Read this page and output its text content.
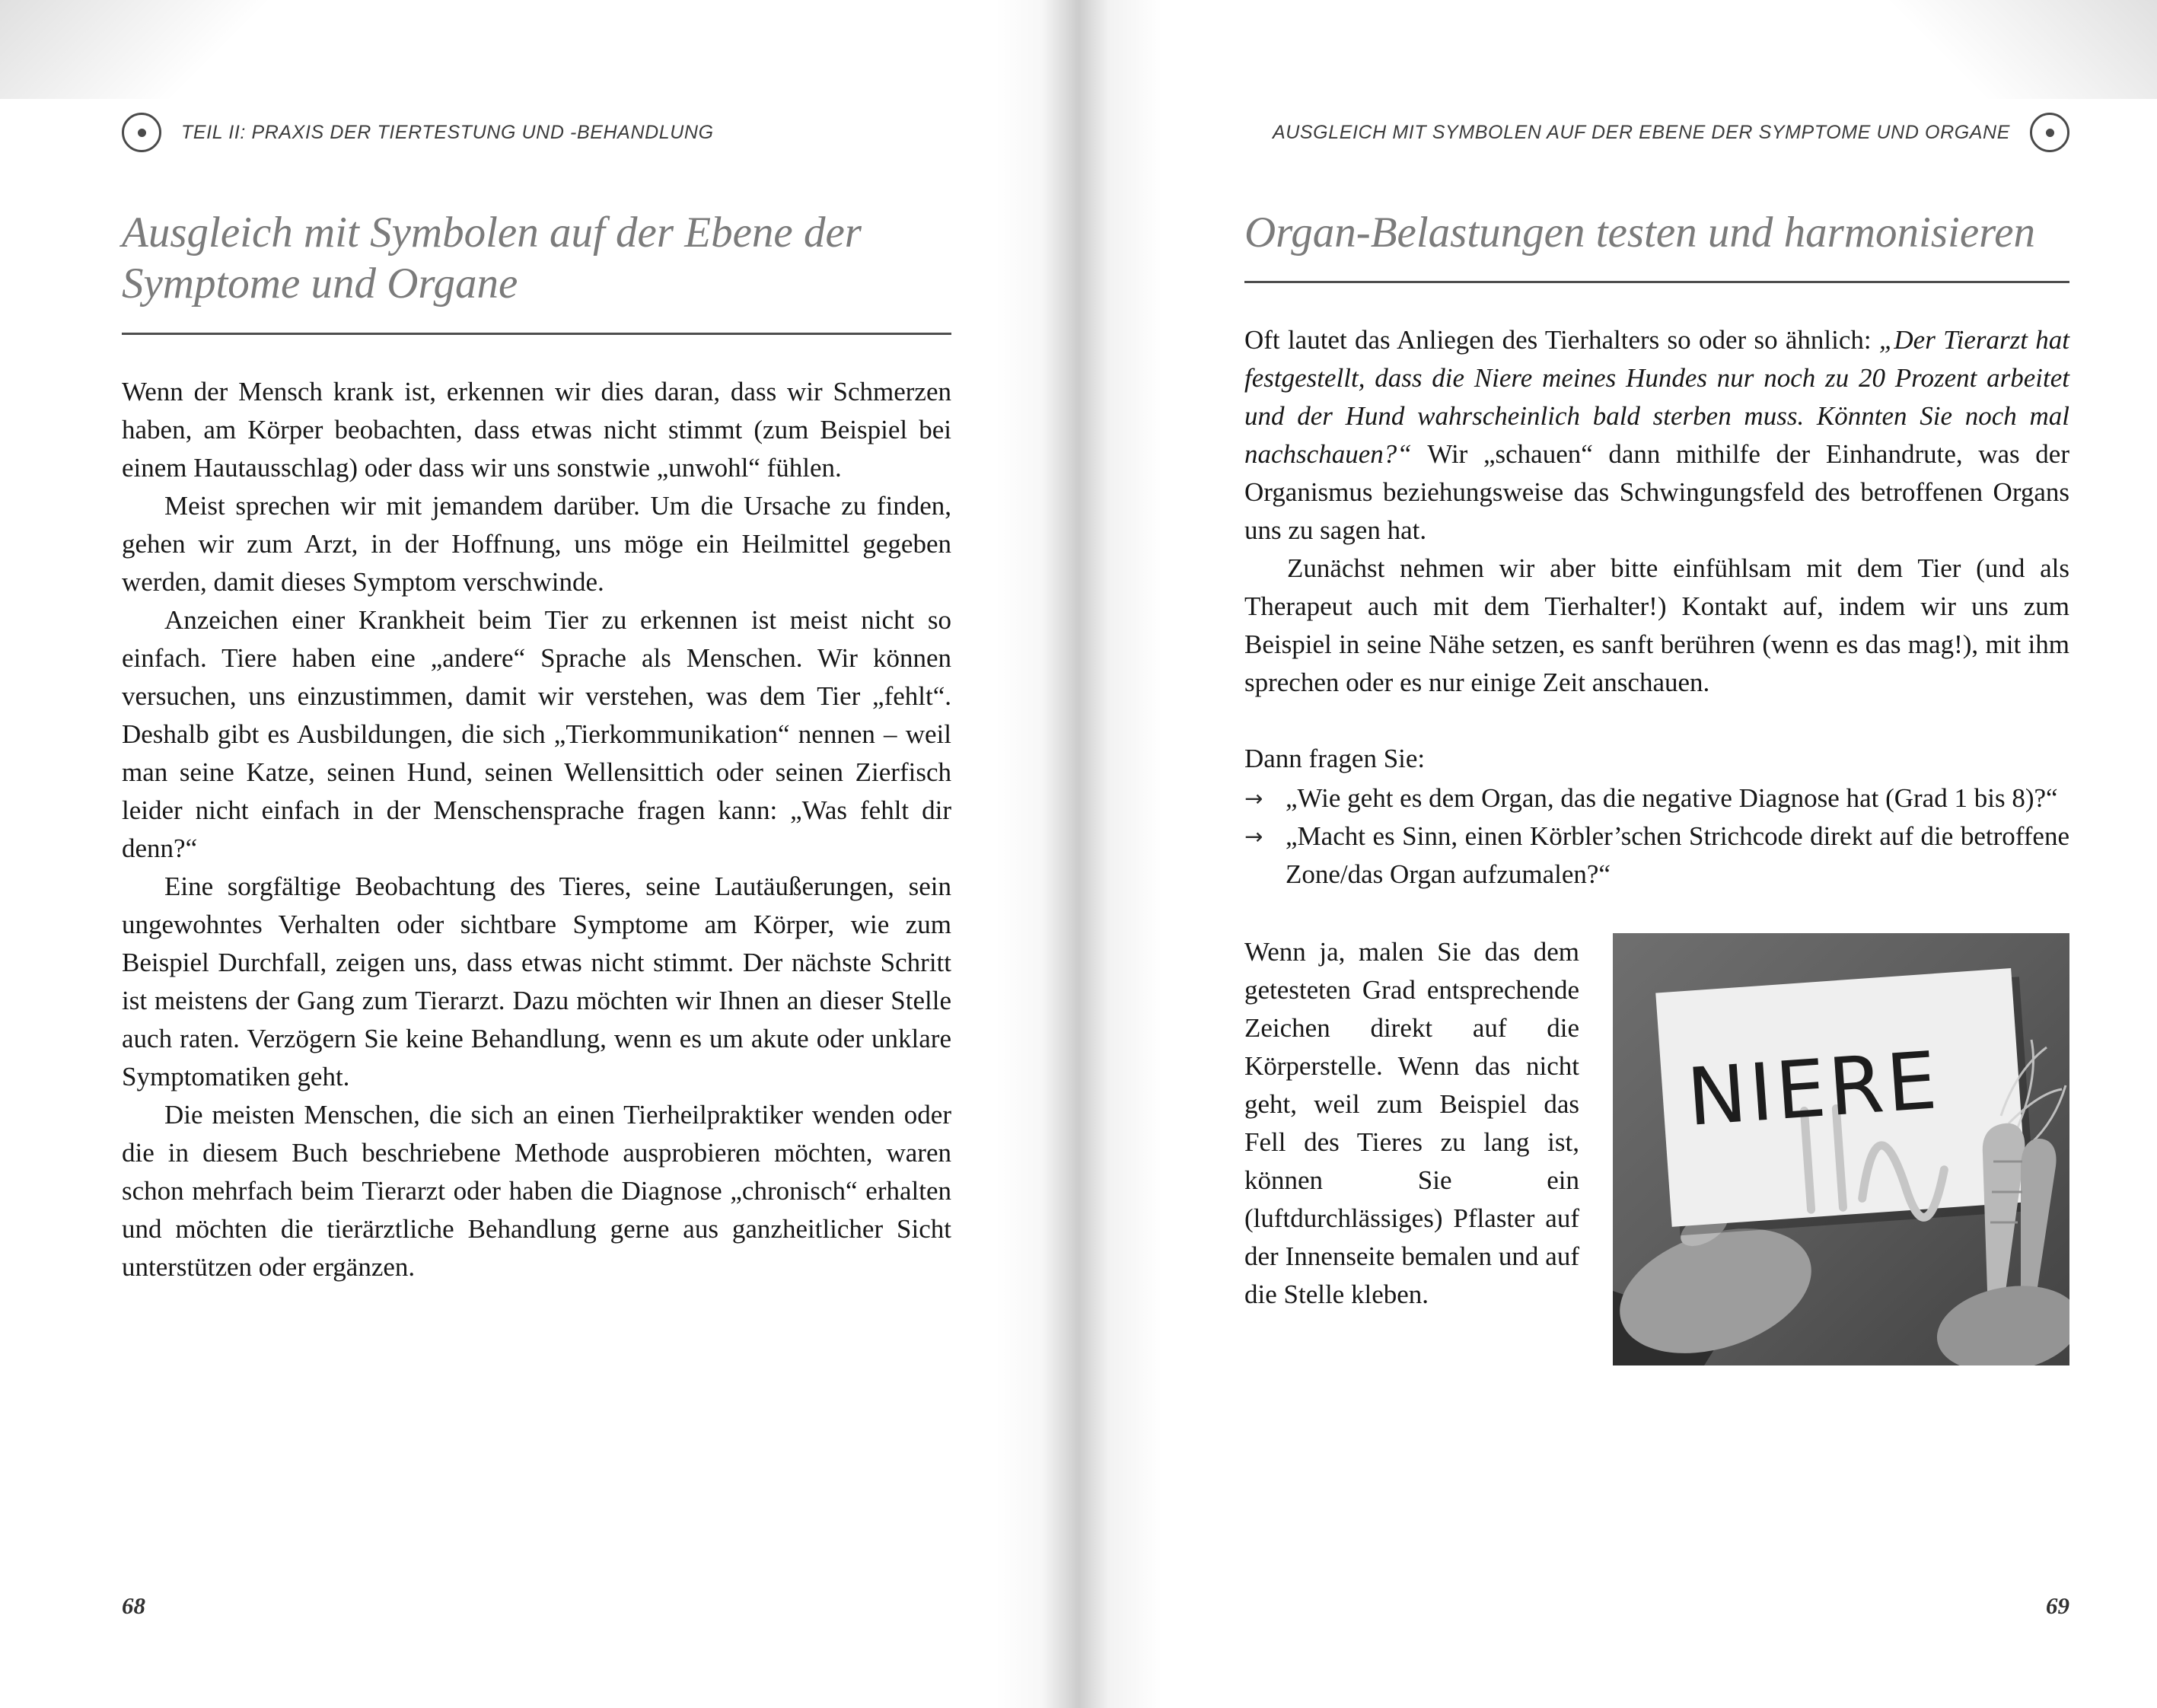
TEIL II: PRAXIS DER TIERTESTUNG UND -BEHANDLUNG
Ausgleich mit Symbolen auf der Ebene der Symptome und Organe

Wenn der Mensch krank ist, erkennen wir dies daran, dass wir Schmerzen haben, am Körper beobachten, dass etwas nicht stimmt (zum Beispiel bei einem Hautausschlag) oder dass wir uns sonstwie „unwohl“ fühlen.

Meist sprechen wir mit jemandem darüber. Um die Ursache zu finden, gehen wir zum Arzt, in der Hoffnung, uns möge ein Heilmittel gegeben werden, damit dieses Symptom verschwinde.

Anzeichen einer Krankheit beim Tier zu erkennen ist meist nicht so einfach. Tiere haben eine „andere“ Sprache als Menschen. Wir können versuchen, uns einzustimmen, damit wir verstehen, was dem Tier „fehlt“. Deshalb gibt es Ausbildungen, die sich „Tierkommunikation“ nennen – weil man seine Katze, seinen Hund, seinen Wellensittich oder seinen Zierfisch leider nicht einfach in der Menschensprache fragen kann: „Was fehlt dir denn?“

Eine sorgfältige Beobachtung des Tieres, seine Lautäußerungen, sein ungewohntes Verhalten oder sichtbare Symptome am Körper, wie zum Beispiel Durchfall, zeigen uns, dass etwas nicht stimmt. Der nächste Schritt ist meistens der Gang zum Tierarzt. Dazu möchten wir Ihnen an dieser Stelle auch raten. Verzögern Sie keine Behandlung, wenn es um akute oder unklare Symptomatiken geht.

Die meisten Menschen, die sich an einen Tierheilpraktiker wenden oder die in diesem Buch beschriebene Methode ausprobieren möchten, waren schon mehrfach beim Tierarzt oder haben die Diagnose „chronisch“ erhalten und möchten die tierärztliche Behandlung gerne aus ganzheitlicher Sicht unterstützen oder ergänzen.

68
AUSGLEICH MIT SYMBOLEN AUF DER EBENE DER SYMPTOME UND ORGANE
Organ-Belastungen testen und harmonisieren

Oft lautet das Anliegen des Tierhalters so oder so ähnlich: „Der Tierarzt hat festgestellt, dass die Niere meines Hundes nur noch zu 20 Prozent arbeitet und der Hund wahrscheinlich bald sterben muss. Könnten Sie noch mal nachschauen?“ Wir „schauen“ dann mithilfe der Einhandrute, was der Organismus beziehungsweise das Schwingungsfeld des betroffenen Organs uns zu sagen hat.

Zunächst nehmen wir aber bitte einfühlsam mit dem Tier (und als Therapeut auch mit dem Tierhalter!) Kontakt auf, indem wir uns zum Beispiel in seine Nähe setzen, es sanft berühren (wenn es das mag!), mit ihm sprechen oder es nur einige Zeit anschauen.

Dann fragen Sie:

→ „Wie geht es dem Organ, das die negative Diagnose hat (Grad 1 bis 8)?“
→ „Macht es Sinn, einen Körbler’schen Strichcode direkt auf die betroffene Zone/das Organ aufzumalen?“
NIERE

Wenn ja, malen Sie das dem getesteten Grad entsprechende Zeichen direkt auf die Körperstelle. Wenn das nicht geht, weil zum Beispiel das Fell des Tieres zu lang ist, können Sie ein (luftdurchlässiges) Pflaster auf der Innenseite bemalen und auf die Stelle kleben.

69
